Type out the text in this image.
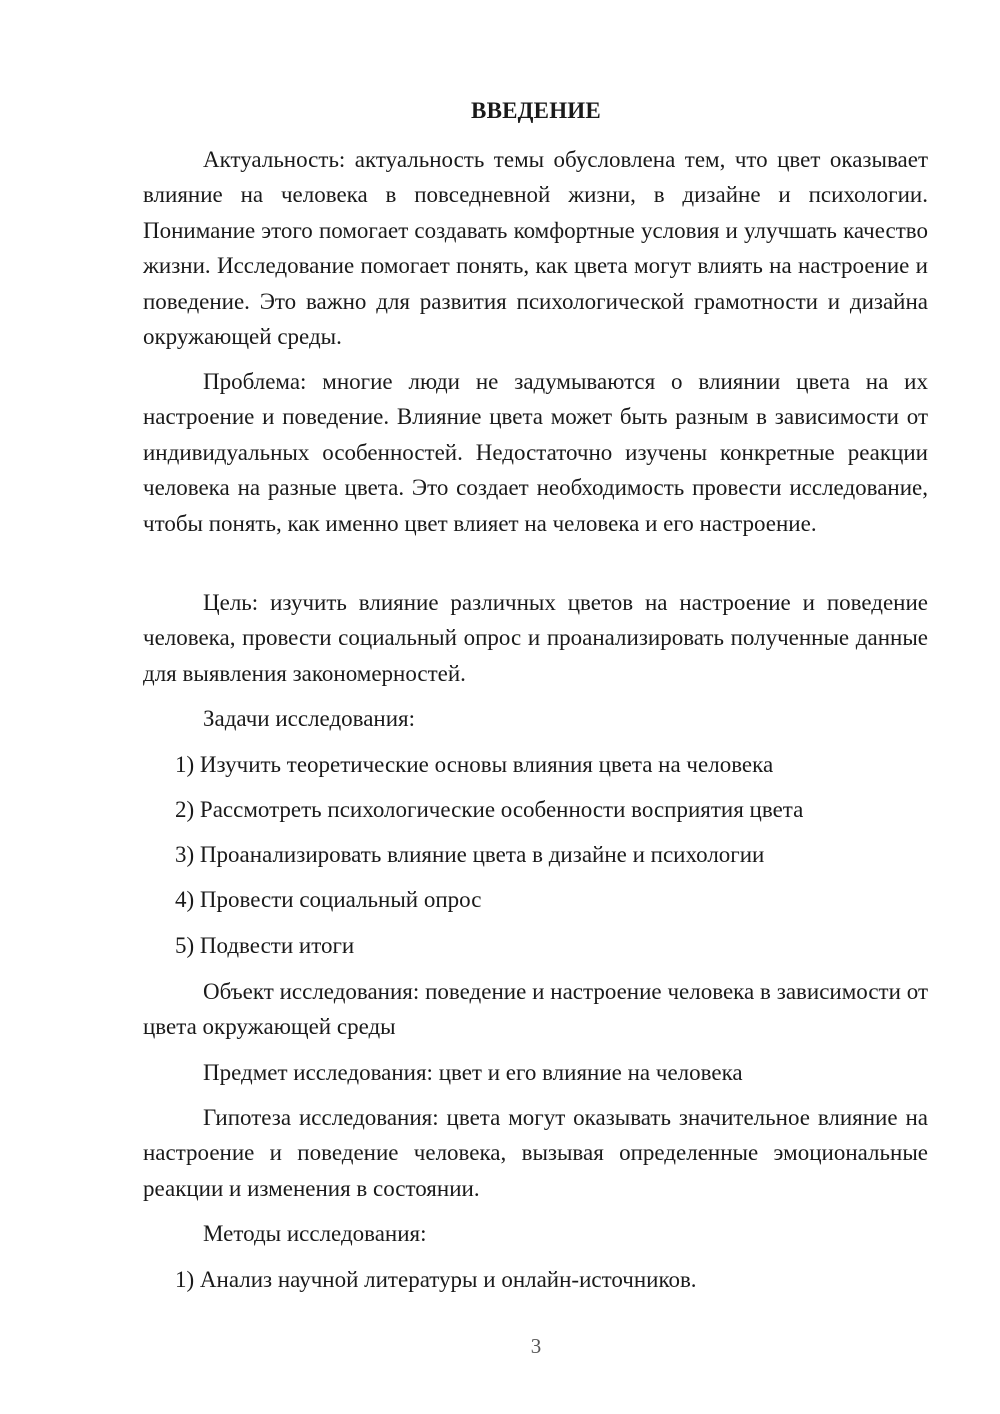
ВВЕДЕНИЕ

Актуальность: актуальность темы обусловлена тем, что цвет оказывает влияние на человека в повседневной жизни, в дизайне и психологии. Понимание этого помогает создавать комфортные условия и улучшать качество жизни. Исследование помогает понять, как цвета могут влиять на настроение и поведение. Это важно для развития психологической грамотности и дизайна окружающей среды.

Проблема: многие люди не задумываются о влиянии цвета на их настроение и поведение. Влияние цвета может быть разным в зависимости от индивидуальных особенностей. Недостаточно изучены конкретные реакции человека на разные цвета. Это создает необходимость провести исследование, чтобы понять, как именно цвет влияет на человека и его настроение.

Цель: изучить влияние различных цветов на настроение и поведение человека, провести социальный опрос и проанализировать полученные данные для выявления закономерностей.

Задачи исследования:

1) Изучить теоретические основы влияния цвета на человека

2) Рассмотреть психологические особенности восприятия цвета

3) Проанализировать влияние цвета в дизайне и психологии

4) Провести социальный опрос

5) Подвести итоги

Объект исследования: поведение и настроение человека в зависимости от цвета окружающей среды

Предмет исследования: цвет и его влияние на человека

Гипотеза исследования: цвета могут оказывать значительное влияние на настроение и поведение человека, вызывая определенные эмоциональные реакции и изменения в состоянии.

Методы исследования:

1) Анализ научной литературы и онлайн-источников.

3
